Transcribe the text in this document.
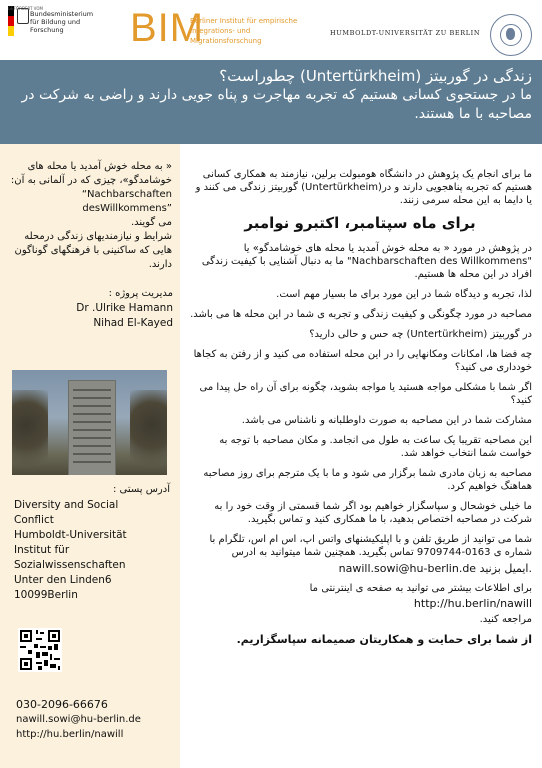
GEFÖRDERT VOM
Bundesministerium für Bildung und Forschung	BIM
Berliner Institut für empirische Integrations- und Migrationsforschung
HUMBOLDT-UNIVERSITÄT ZU BERLIN
زندگی در گوربیتز (Untertürkheim) چطوراست؟
ما در جستجوی کسانی هستیم که تجربه مهاجرت و پناه جویی دارند و راضی به شرکت در مصاحبه با ما هستند.
« به محله خوش آمدید یا محله های خوشامدگو»، چیزی که در آلمانی به آن:
“Nachbarschaften desWillkommens”
می گویند.
شرایط و نیازمندیهای زندگی درمحله هایی که ساکنینی با فرهنگهای گوناگون دارند.
مدیریت پروژه :
Dr .Ulrike Hamann
Nihad El-Kayed
آدرس پستی :
Diversity and Social
Conflict
Humboldt-Universität
Institut für
Sozialwissenschaften
Unter den Linden6
10099Berlin
030-2096-66676
nawill.sowi@hu-berlin.de
http://hu.berlin/nawill

ما برای انجام یک پژوهش در دانشگاه هومبولت برلین، نیازمند به همکاری کسانی هستیم که تجربه پناهجویی دارند و در(Untertürkheim) گوربیتز زندگی می کنند و یا دایما به این محله سرمی زنند.

برای ماه سپتامبر، اکتبرو نوامبر

در پژوهش در مورد « به محله خوش آمدید یا محله های خوشامدگو» یا "Nachbarschaften des Willkommens" ما به دنبال آشنایی با کیفیت زندگی افراد در این محله ها هستیم.

لذا، تجربه و دیدگاه شما در این مورد برای ما بسیار مهم است.

مصاحبه در مورد چگونگی و کیفیت زندگی و تجربه ی شما در این محله ها می باشد.

در گوربیتز (Untertürkheim) چه حس و حالی دارید؟

چه فضا ها، امکانات ومکانهایی را در این محله استفاده می کنید و از رفتن به کجاها خودداری می کنید؟

اگر شما با مشکلی مواجه هستید یا مواجه بشوید، چگونه برای آن راه حل پیدا می کنید؟

مشارکت شما در این مصاحبه به صورت داوطلبانه و ناشناس می باشد.

این مصاحبه تقریبا یک ساعت به طول می انجامد. و مکان مصاحبه با توجه به خواست شما انتخاب خواهد شد.

مصاحبه به زبان مادری شما برگزار می شود و ما با یک مترجم برای روز مصاحبه هماهنگ خواهیم کرد.

ما خیلی خوشحال و سپاسگزار خواهیم بود اگر شما قسمتی از وقت خود را به شرکت در مصاحبه اختصاص بدهید، با ما همکاری کنید و تماس بگیرید.

شما می توانید از طریق تلفن و با اپلیکیشنهای واتس اپ، اس ام اس، تلگرام با شماره ی 0163-9709744 تماس بگیرید. همچنین شما میتوانید به ادرس

nawill.sowi@hu-berlin.de ایمیل بزنید.

برای اطلاعات بیشتر می توانید به صفحه ی اینترنتی ما

http://hu.berlin/nawill

مراجعه کنید.

از شما برای حمایت و همکاریتان صمیمانه سپاسگزاریم.
